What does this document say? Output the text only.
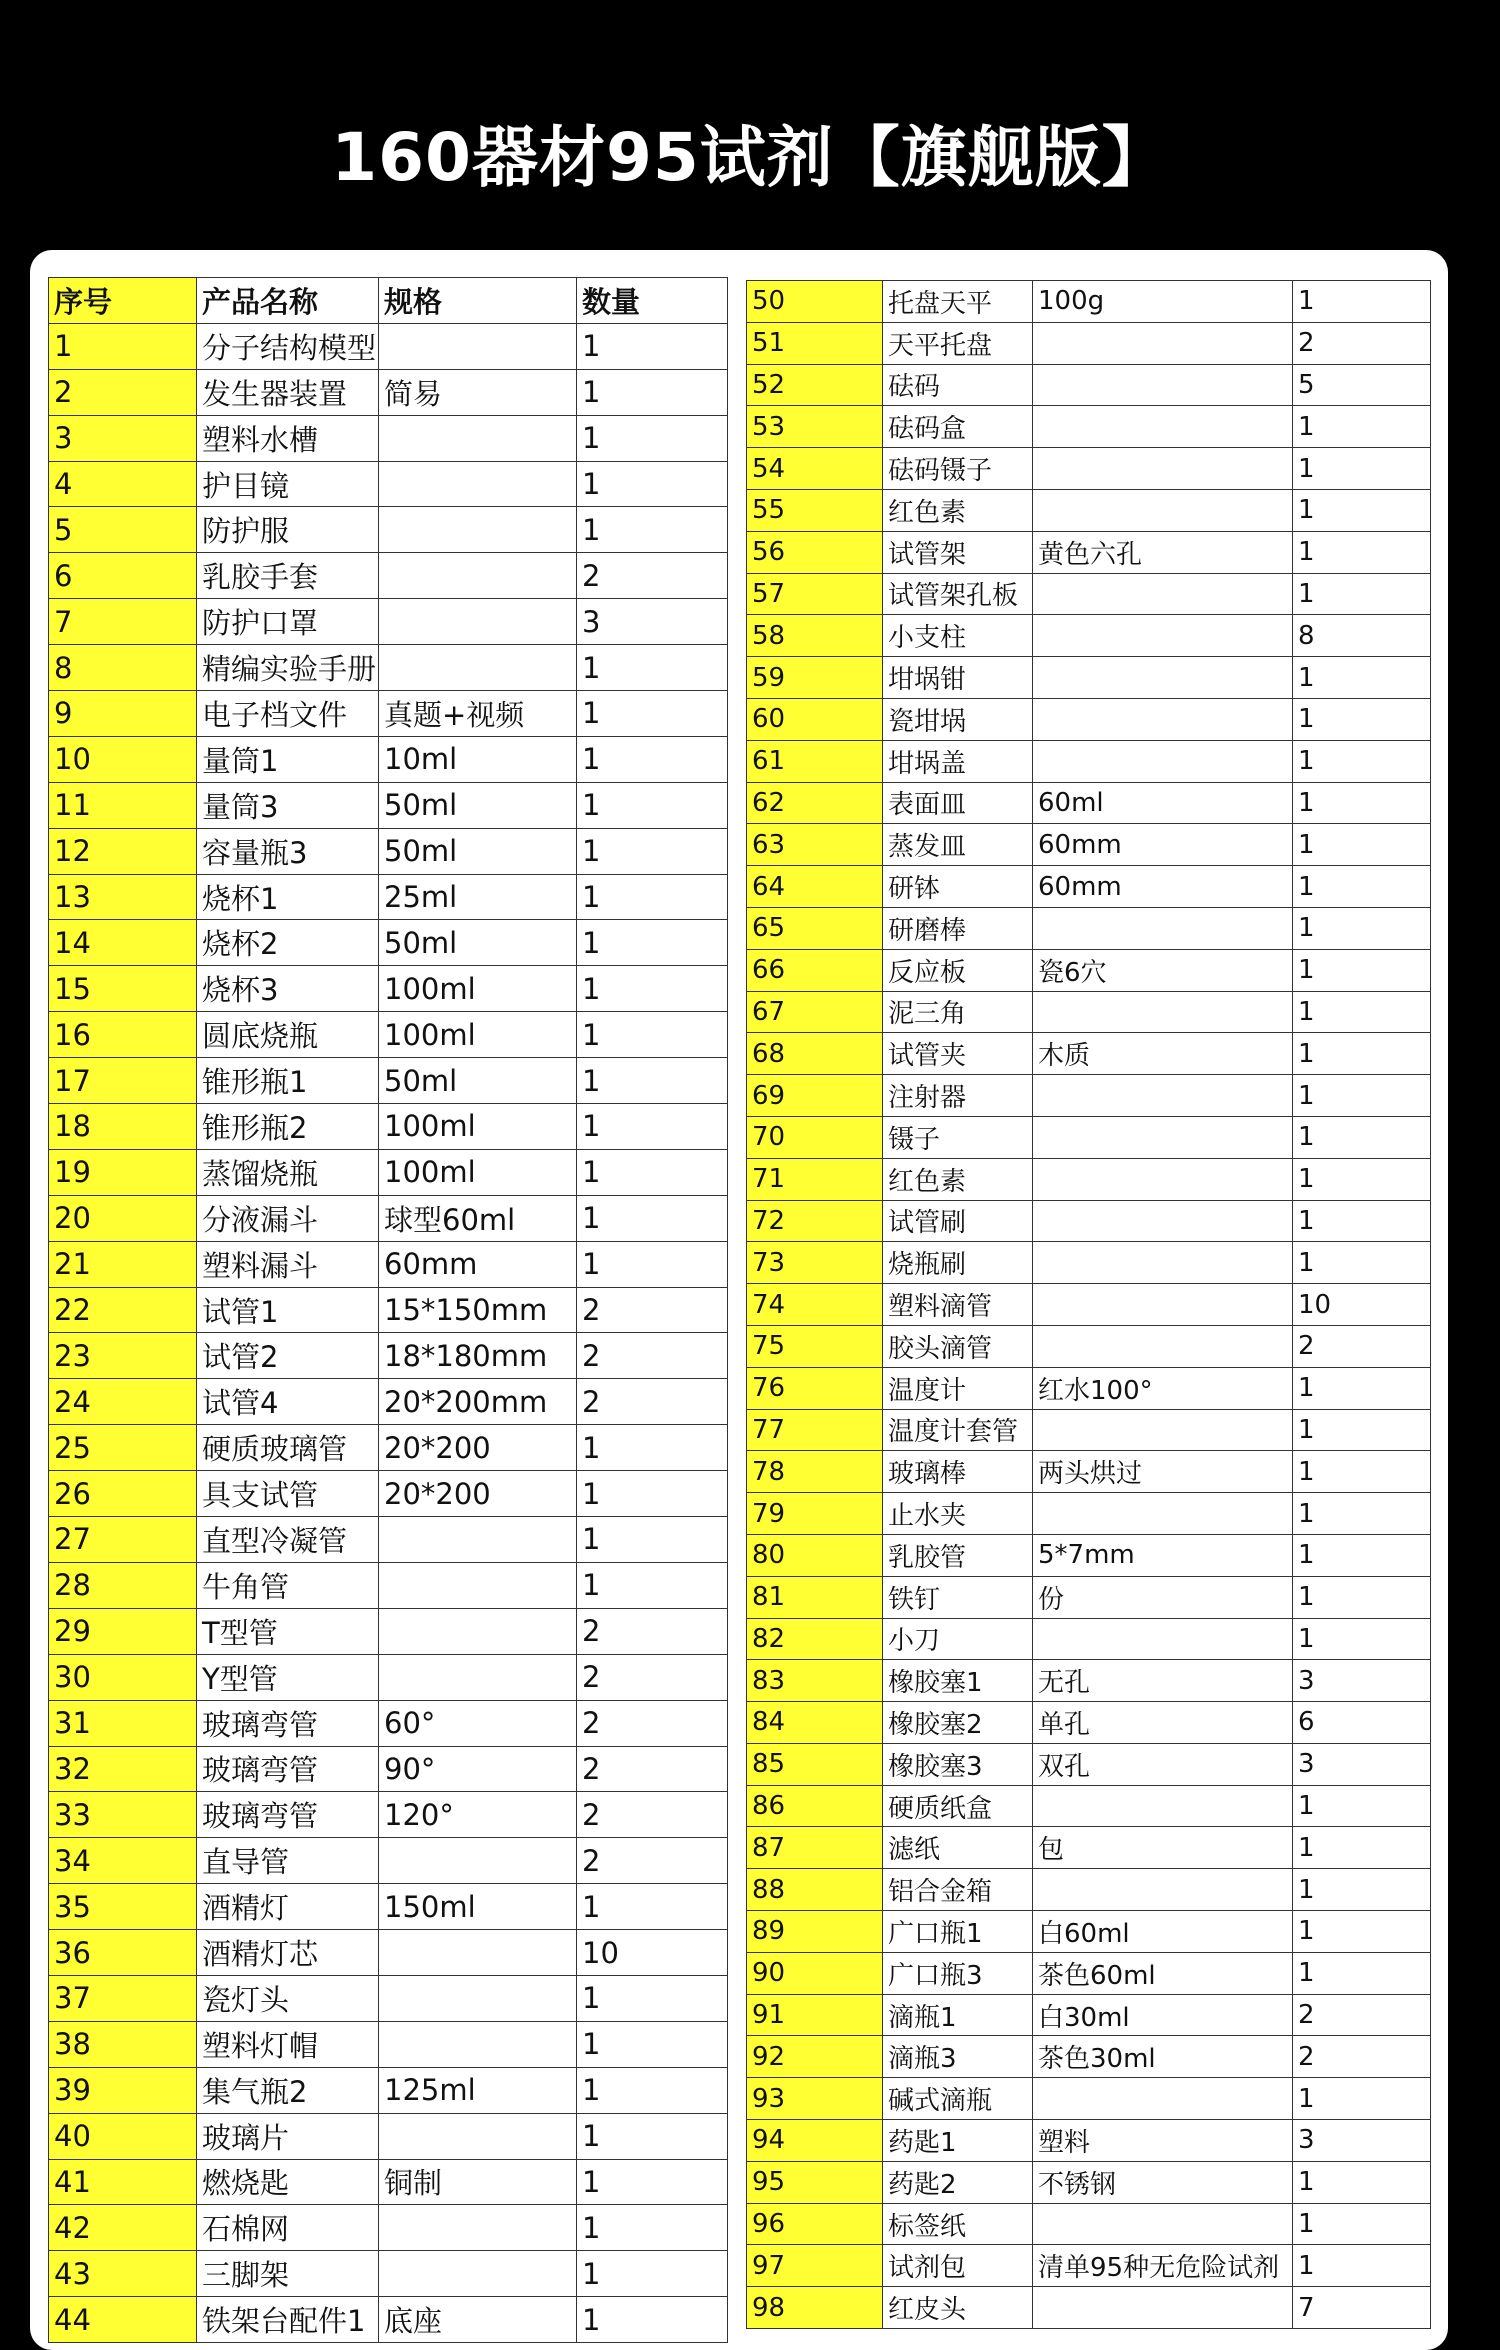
160器材95试剂【旗舰版】
序号	产品名称	规格	数量
1	分子结构模型		1
2	发生器装置	简易	1
3	塑料水槽		1
4	护目镜		1
5	防护服		1
6	乳胶手套		2
7	防护口罩		3
8	精编实验手册		1
9	电子档文件	真题+视频	1
10	量筒1	10ml	1
11	量筒3	50ml	1
12	容量瓶3	50ml	1
13	烧杯1	25ml	1
14	烧杯2	50ml	1
15	烧杯3	100ml	1
16	圆底烧瓶	100ml	1
17	锥形瓶1	50ml	1
18	锥形瓶2	100ml	1
19	蒸馏烧瓶	100ml	1
20	分液漏斗	球型60ml	1
21	塑料漏斗	60mm	1
22	试管1	15*150mm	2
23	试管2	18*180mm	2
24	试管4	20*200mm	2
25	硬质玻璃管	20*200	1
26	具支试管	20*200	1
27	直型冷凝管		1
28	牛角管		1
29	T型管		2
30	Y型管		2
31	玻璃弯管	60°	2
32	玻璃弯管	90°	2
33	玻璃弯管	120°	2
34	直导管		2
35	酒精灯	150ml	1
36	酒精灯芯		10
37	瓷灯头		1
38	塑料灯帽		1
39	集气瓶2	125ml	1
40	玻璃片		1
41	燃烧匙	铜制	1
42	石棉网		1
43	三脚架		1
44	铁架台配件1	底座	1
50	托盘天平	100g	1
51	天平托盘		2
52	砝码		5
53	砝码盒		1
54	砝码镊子		1
55	红色素		1
56	试管架	黄色六孔	1
57	试管架孔板		1
58	小支柱		8
59	坩埚钳		1
60	瓷坩埚		1
61	坩埚盖		1
62	表面皿	60ml	1
63	蒸发皿	60mm	1
64	研钵	60mm	1
65	研磨棒		1
66	反应板	瓷6穴	1
67	泥三角		1
68	试管夹	木质	1
69	注射器		1
70	镊子		1
71	红色素		1
72	试管刷		1
73	烧瓶刷		1
74	塑料滴管		10
75	胶头滴管		2
76	温度计	红水100°	1
77	温度计套管		1
78	玻璃棒	两头烘过	1
79	止水夹		1
80	乳胶管	5*7mm	1
81	铁钉	份	1
82	小刀		1
83	橡胶塞1	无孔	3
84	橡胶塞2	单孔	6
85	橡胶塞3	双孔	3
86	硬质纸盒		1
87	滤纸	包	1
88	铝合金箱		1
89	广口瓶1	白60ml	1
90	广口瓶3	茶色60ml	1
91	滴瓶1	白30ml	2
92	滴瓶3	茶色30ml	2
93	碱式滴瓶		1
94	药匙1	塑料	3
95	药匙2	不锈钢	1
96	标签纸		1
97	试剂包	清单95种无危险试剂	1
98	红皮头		7
